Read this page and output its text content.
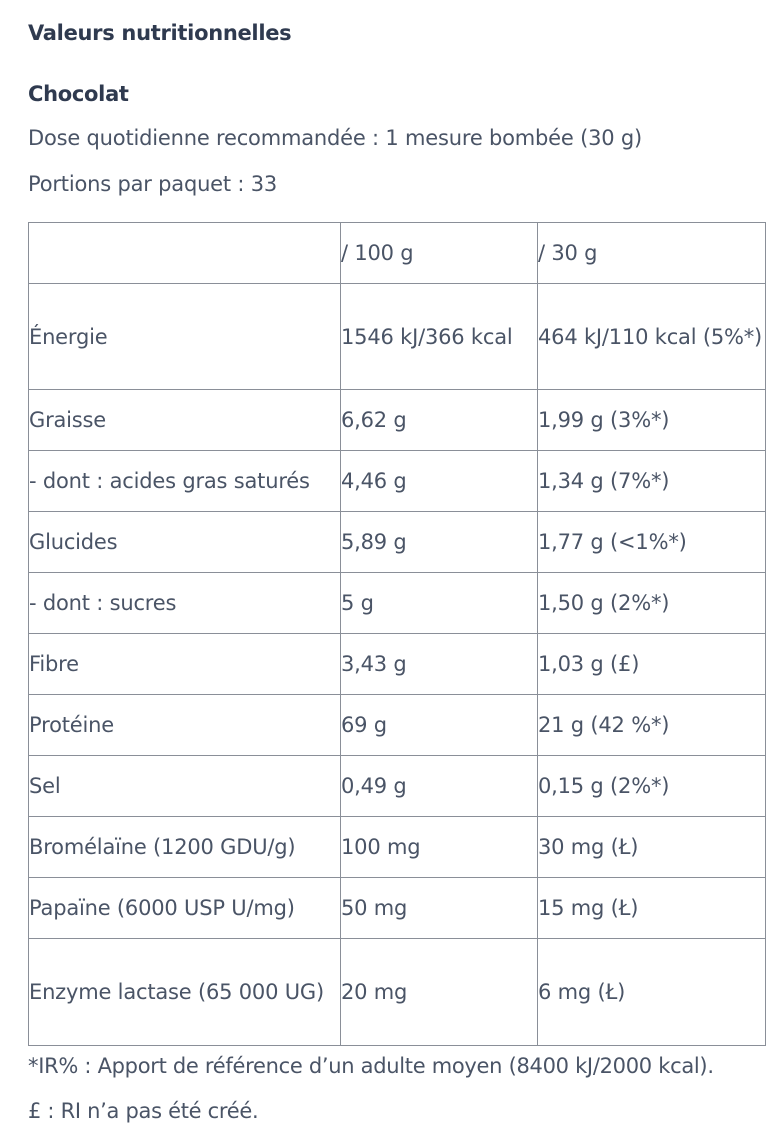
Valeurs nutritionnelles
Chocolat
Dose quotidienne recommandée : 1 mesure bombée (30 g)
Portions par paquet : 33
	/ 100 g	/ 30 g
Énergie	1546 kJ/366 kcal	464 kJ/110 kcal (5%*)
Graisse	6,62 g	1,99 g (3%*)
- dont : acides gras saturés	4,46 g	1,34 g (7%*)
Glucides	5,89 g	1,77 g (<1%*)
- dont : sucres	5 g	1,50 g (2%*)
Fibre	3,43 g	1,03 g (£)
Protéine	69 g	21 g (42 %*)
Sel	0,49 g	0,15 g (2%*)
Bromélaïne (1200 GDU/g)	100 mg	30 mg (Ł)
Papaïne (6000 USP U/mg)	50 mg	15 mg (Ł)
Enzyme lactase (65 000 UG)	20 mg	6 mg (Ł)
*IR% : Apport de référence d’un adulte moyen (8400 kJ/2000 kcal).
£ : RI n’a pas été créé.
